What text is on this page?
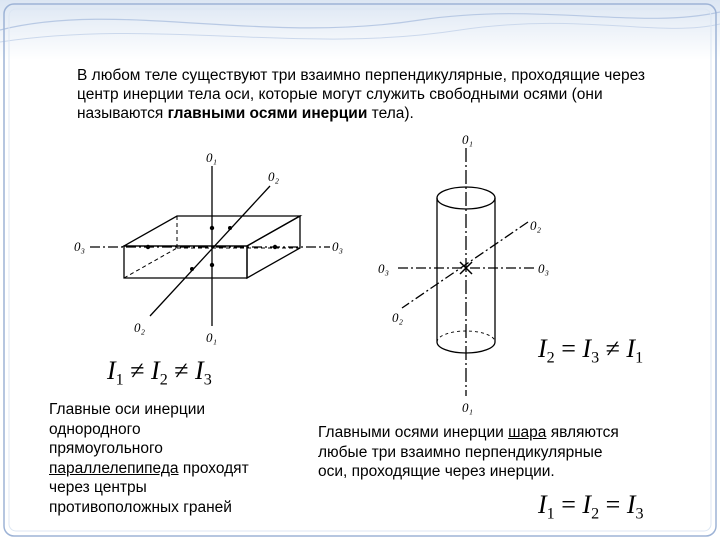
В любом теле существуют три взаимно перпендикулярные, проходящие через центр инерции тела оси, которые могут служить свободными осями (они называются главными осями инерции тела).
0₁
0₂
0₃	0₃
0₂
0₁
$I_1 \ne I_2 \ne I_3$
Главные оси инерции
однородного
прямоугольного
параллелепипеда проходят
через центры
противоположных граней
0₁
0₂
0₃	0₃
0₂
0₁
$I_2 = I_3 \ne I_1$
Главными осями инерции шара являются
любые три взаимно перпендикулярные
оси, проходящие через инерции.
$I_1 = I_2 = I_3$
